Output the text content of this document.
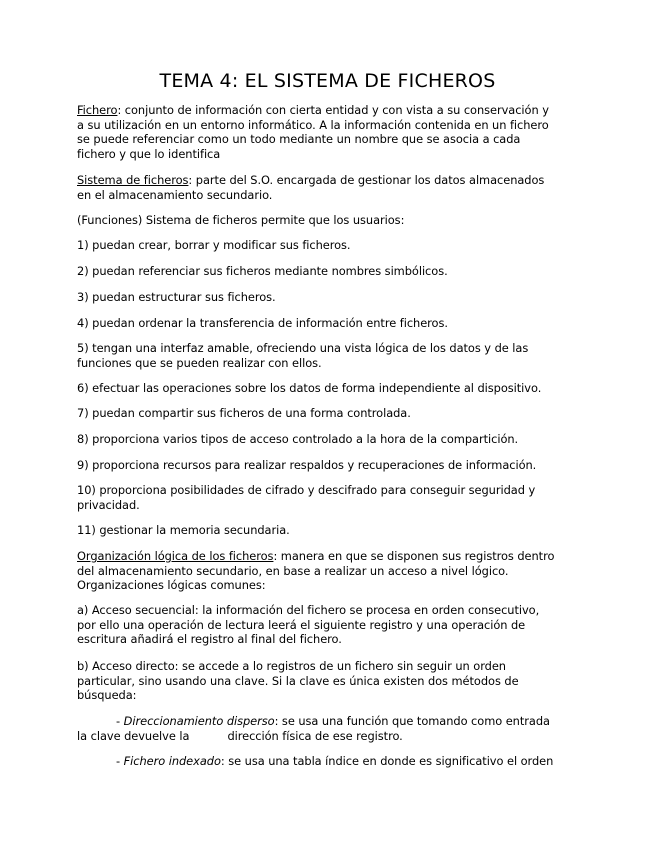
TEMA 4: EL SISTEMA DE FICHEROS
Fichero: conjunto de información con cierta entidad y con vista a su conservación y
a su utilización en un entorno informático. A la información contenida en un fichero
se puede referenciar como un todo mediante un nombre que se asocia a cada
fichero y que lo identifica
Sistema de ficheros: parte del S.O. encargada de gestionar los datos almacenados
en el almacenamiento secundario.
(Funciones) Sistema de ficheros permite que los usuarios:
1) puedan crear, borrar y modificar sus ficheros.
2) puedan referenciar sus ficheros mediante nombres simbólicos.
3) puedan estructurar sus ficheros.
4) puedan ordenar la transferencia de información entre ficheros.
5) tengan una interfaz amable, ofreciendo una vista lógica de los datos y de las
funciones que se pueden realizar con ellos.
6) efectuar las operaciones sobre los datos de forma independiente al dispositivo.
7) puedan compartir sus ficheros de una forma controlada.
8) proporciona varios tipos de acceso controlado a la hora de la compartición.
9) proporciona recursos para realizar respaldos y recuperaciones de información.
10) proporciona posibilidades de cifrado y descifrado para conseguir seguridad y
privacidad.
11) gestionar la memoria secundaria.
Organización lógica de los ficheros: manera en que se disponen sus registros dentro
del almacenamiento secundario, en base a realizar un acceso a nivel lógico.
Organizaciones lógicas comunes:
a) Acceso secuencial: la información del fichero se procesa en orden consecutivo,
por ello una operación de lectura leerá el siguiente registro y una operación de
escritura añadirá el registro al final del fichero.
b) Acceso directo: se accede a lo registros de un fichero sin seguir un orden
particular, sino usando una clave. Si la clave es única existen dos métodos de
búsqueda:
- Direccionamiento disperso: se usa una función que tomando como entrada
la clave devuelve la	dirección física de ese registro.
- Fichero indexado: se usa una tabla índice en donde es significativo el orden
